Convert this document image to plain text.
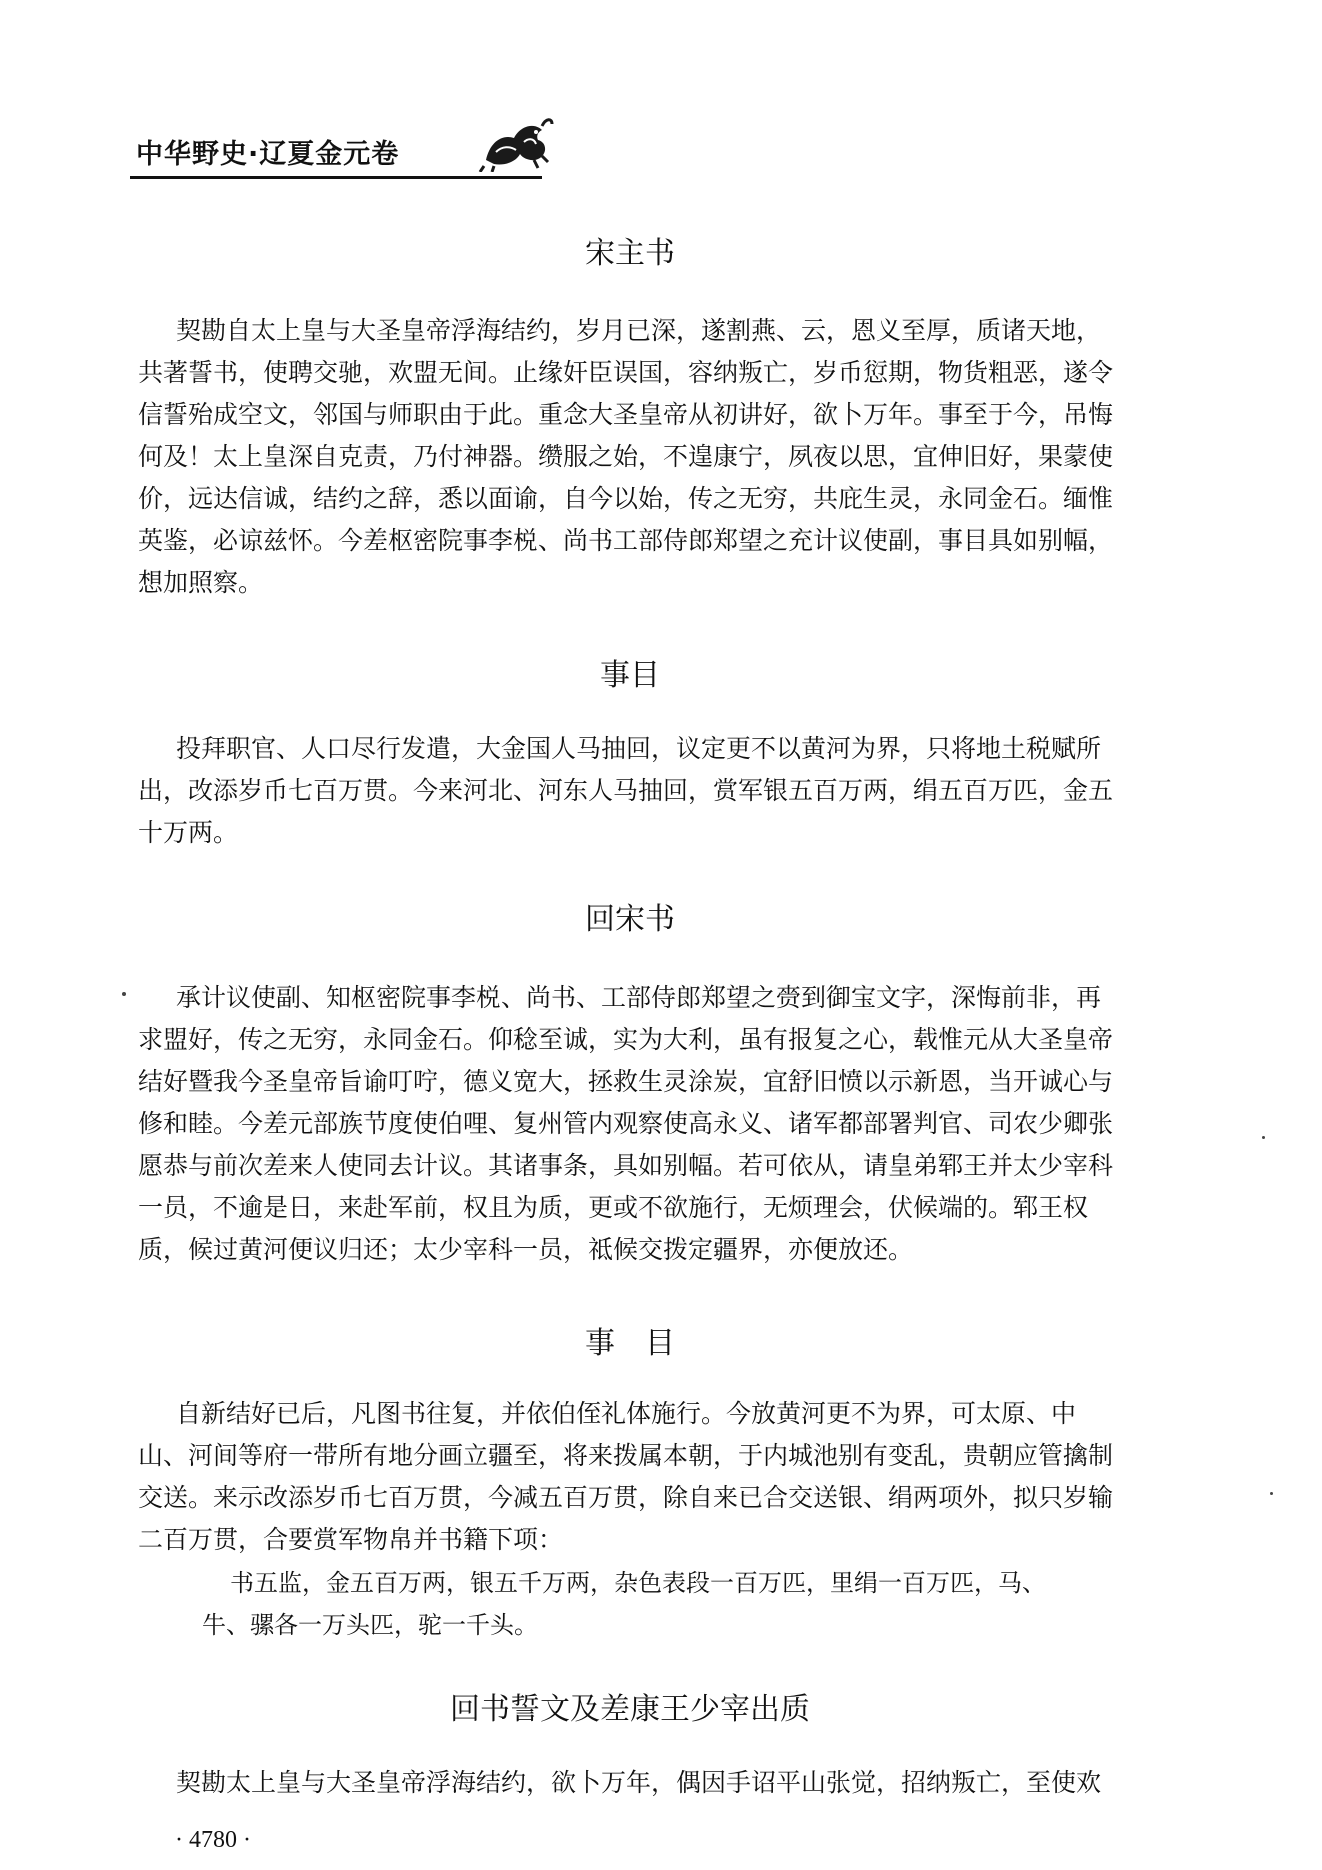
中华野史·辽夏金元卷
宋主书
契勘自太上皇与大圣皇帝浮海结约，岁月已深，遂割燕、云，恩义至厚，质诸天地，
共著誓书，使聘交驰，欢盟无间。止缘奸臣误国，容纳叛亡，岁币愆期，物货粗恶，遂令
信誓殆成空文，邻国与师职由于此。重念大圣皇帝从初讲好，欲卜万年。事至于今，吊悔
何及！太上皇深自克责，乃付神器。缵服之始，不遑康宁，夙夜以思，宜伸旧好，果蒙使
价，远达信诚，结约之辞，悉以面谕，自今以始，传之无穷，共庇生灵，永同金石。缅惟
英鉴，必谅兹怀。今差枢密院事李棁、尚书工部侍郎郑望之充计议使副，事目具如别幅，
想加照察。
事目
投拜职官、人口尽行发遣，大金国人马抽回，议定更不以黄河为界，只将地土税赋所
出，改添岁币七百万贯。今来河北、河东人马抽回，赏军银五百万两，绢五百万匹，金五
十万两。
回宋书
承计议使副、知枢密院事李棁、尚书、工部侍郎郑望之赍到御宝文字，深悔前非，再
求盟好，传之无穷，永同金石。仰稔至诚，实为大利，虽有报复之心，载惟元从大圣皇帝
结好暨我今圣皇帝旨谕叮咛，德义宽大，拯救生灵涂炭，宜舒旧愤以示新恩，当开诚心与
修和睦。今差元部族节度使伯哩、复州管内观察使高永义、诸军都部署判官、司农少卿张
愿恭与前次差来人使同去计议。其诸事条，具如别幅。若可依从，请皇弟郓王并太少宰科
一员，不逾是日，来赴军前，权且为质，更或不欲施行，无烦理会，伏候端的。郓王权
质，候过黄河便议归还；太少宰科一员，祗候交拨定疆界，亦便放还。
事　目
自新结好已后，凡图书往复，并依伯侄礼体施行。今放黄河更不为界，可太原、中
山、河间等府一带所有地分画立疆至，将来拨属本朝，于内城池别有变乱，贵朝应管擒制
交送。来示改添岁币七百万贯，今减五百万贯，除自来已合交送银、绢两项外，拟只岁输
二百万贯，合要赏军物帛并书籍下项：
书五监，金五百万两，银五千万两，杂色表段一百万匹，里绢一百万匹，马、
牛、骡各一万头匹，驼一千头。
回书誓文及差康王少宰出质
契勘太上皇与大圣皇帝浮海结约，欲卜万年，偶因手诏平山张觉，招纳叛亡，至使欢
· 4780 ·
